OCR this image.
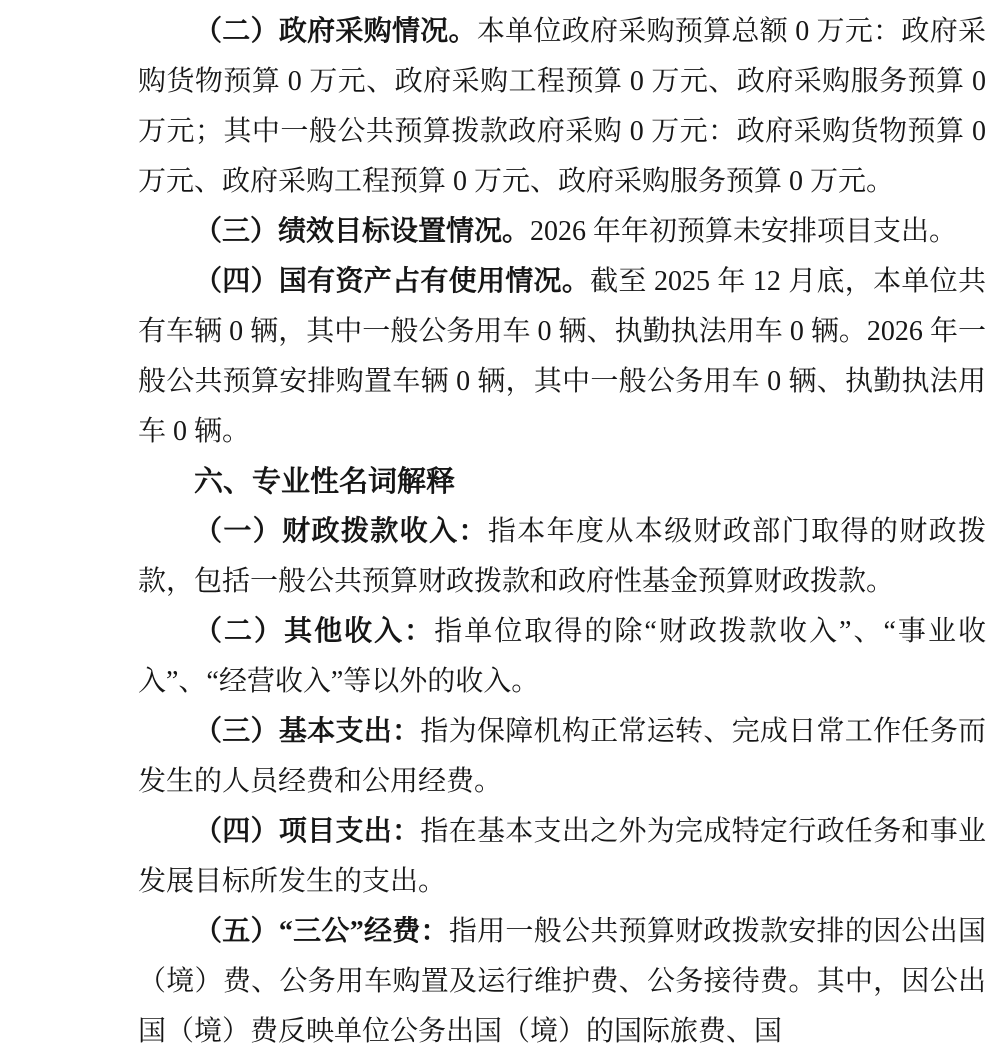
（二）政府采购情况。本单位政府采购预算总额 0 万元：政府采购货物预算 0 万元、政府采购工程预算 0 万元、政府采购服务预算 0 万元；其中一般公共预算拨款政府采购 0 万元：政府采购货物预算 0 万元、政府采购工程预算 0 万元、政府采购服务预算 0 万元。

（三）绩效目标设置情况。2026 年年初预算未安排项目支出。

（四）国有资产占有使用情况。截至 2025 年 12 月底，本单位共有车辆 0 辆，其中一般公务用车 0 辆、执勤执法用车 0 辆。2026 年一般公共预算安排购置车辆 0 辆，其中一般公务用车 0 辆、执勤执法用车 0 辆。

六、专业性名词解释

（一）财政拨款收入：指本年度从本级财政部门取得的财政拨款，包括一般公共预算财政拨款和政府性基金预算财政拨款。

（二）其他收入：指单位取得的除“财政拨款收入”、“事业收入”、“经营收入”等以外的收入。

（三）基本支出：指为保障机构正常运转、完成日常工作任务而发生的人员经费和公用经费。

（四）项目支出：指在基本支出之外为完成特定行政任务和事业发展目标所发生的支出。

（五）“三公”经费：指用一般公共预算财政拨款安排的因公出国（境）费、公务用车购置及运行维护费、公务接待费。其中，因公出国（境）费反映单位公务出国（境）的国际旅费、国
